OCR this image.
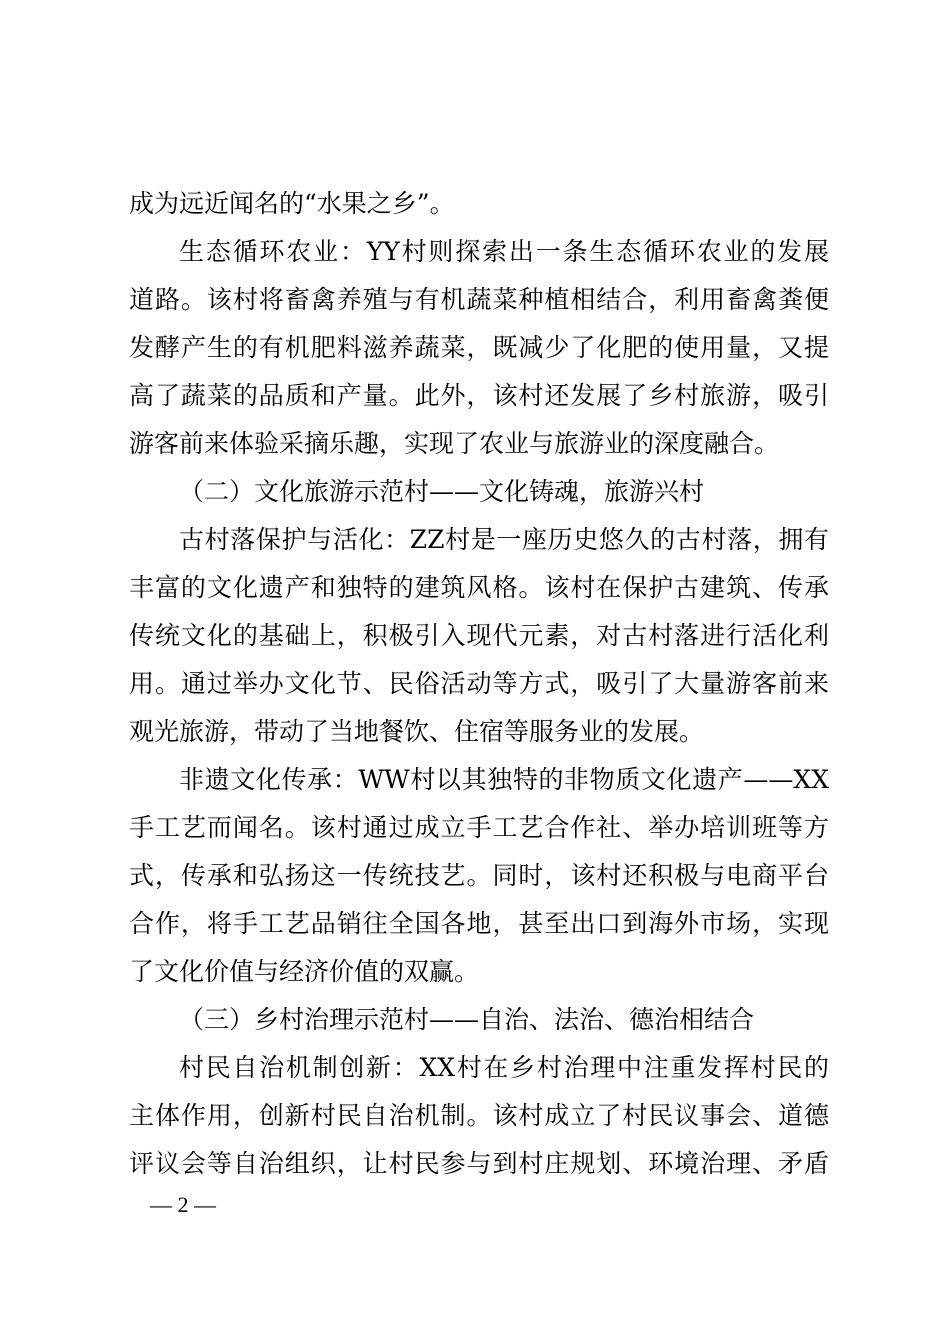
成为远近闻名的“水果之乡”。
生态循环农业：YY村则探索出一条生态循环农业的发展
道路。该村将畜禽养殖与有机蔬菜种植相结合，利用畜禽粪便
发酵产生的有机肥料滋养蔬菜，既减少了化肥的使用量，又提
高了蔬菜的品质和产量。此外，该村还发展了乡村旅游，吸引
游客前来体验采摘乐趣，实现了农业与旅游业的深度融合。
（二）文化旅游示范村——文化铸魂，旅游兴村
古村落保护与活化：ZZ村是一座历史悠久的古村落，拥有
丰富的文化遗产和独特的建筑风格。该村在保护古建筑、传承
传统文化的基础上，积极引入现代元素，对古村落进行活化利
用。通过举办文化节、民俗活动等方式，吸引了大量游客前来
观光旅游，带动了当地餐饮、住宿等服务业的发展。
非遗文化传承：WW村以其独特的非物质文化遗产——XX
手工艺而闻名。该村通过成立手工艺合作社、举办培训班等方
式，传承和弘扬这一传统技艺。同时，该村还积极与电商平台
合作，将手工艺品销往全国各地，甚至出口到海外市场，实现
了文化价值与经济价值的双赢。
（三）乡村治理示范村——自治、法治、德治相结合
村民自治机制创新：XX村在乡村治理中注重发挥村民的
主体作用，创新村民自治机制。该村成立了村民议事会、道德
评议会等自治组织，让村民参与到村庄规划、环境治理、矛盾
— 2 —
